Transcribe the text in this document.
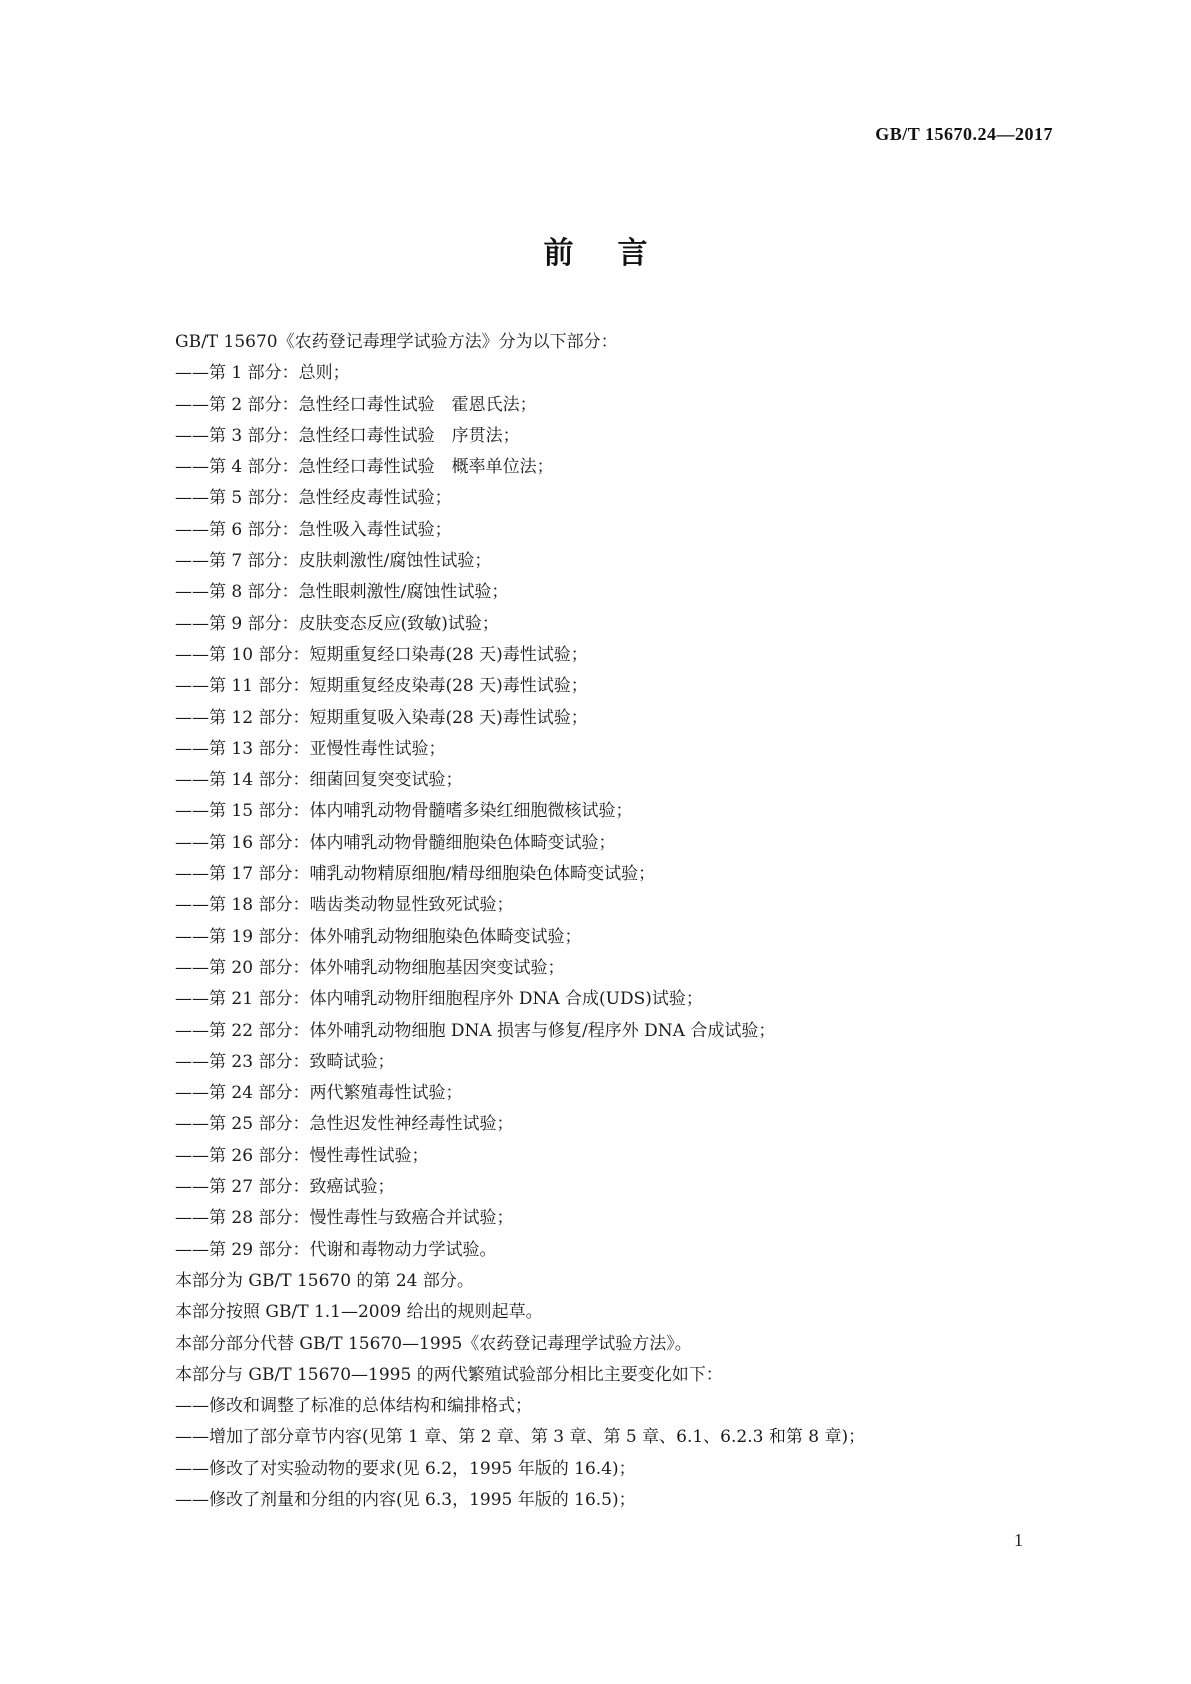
GB/T 15670.24—2017
前言
GB/T 15670《农药登记毒理学试验方法》分为以下部分：
——第 1 部分：总则；
——第 2 部分：急性经口毒性试验　霍恩氏法；
——第 3 部分：急性经口毒性试验　序贯法；
——第 4 部分：急性经口毒性试验　概率单位法；
——第 5 部分：急性经皮毒性试验；
——第 6 部分：急性吸入毒性试验；
——第 7 部分：皮肤刺激性/腐蚀性试验；
——第 8 部分：急性眼刺激性/腐蚀性试验；
——第 9 部分：皮肤变态反应(致敏)试验；
——第 10 部分：短期重复经口染毒(28 天)毒性试验；
——第 11 部分：短期重复经皮染毒(28 天)毒性试验；
——第 12 部分：短期重复吸入染毒(28 天)毒性试验；
——第 13 部分：亚慢性毒性试验；
——第 14 部分：细菌回复突变试验；
——第 15 部分：体内哺乳动物骨髓嗜多染红细胞微核试验；
——第 16 部分：体内哺乳动物骨髓细胞染色体畸变试验；
——第 17 部分：哺乳动物精原细胞/精母细胞染色体畸变试验；
——第 18 部分：啮齿类动物显性致死试验；
——第 19 部分：体外哺乳动物细胞染色体畸变试验；
——第 20 部分：体外哺乳动物细胞基因突变试验；
——第 21 部分：体内哺乳动物肝细胞程序外 DNA 合成(UDS)试验；
——第 22 部分：体外哺乳动物细胞 DNA 损害与修复/程序外 DNA 合成试验；
——第 23 部分：致畸试验；
——第 24 部分：两代繁殖毒性试验；
——第 25 部分：急性迟发性神经毒性试验；
——第 26 部分：慢性毒性试验；
——第 27 部分：致癌试验；
——第 28 部分：慢性毒性与致癌合并试验；
——第 29 部分：代谢和毒物动力学试验。
本部分为 GB/T 15670 的第 24 部分。
本部分按照 GB/T 1.1—2009 给出的规则起草。
本部分部分代替 GB/T 15670—1995《农药登记毒理学试验方法》。
本部分与 GB/T 15670—1995 的两代繁殖试验部分相比主要变化如下：
——修改和调整了标准的总体结构和编排格式；
——增加了部分章节内容(见第 1 章、第 2 章、第 3 章、第 5 章、6.1、6.2.3 和第 8 章)；
——修改了对实验动物的要求(见 6.2，1995 年版的 16.4)；
——修改了剂量和分组的内容(见 6.3，1995 年版的 16.5)；
1
